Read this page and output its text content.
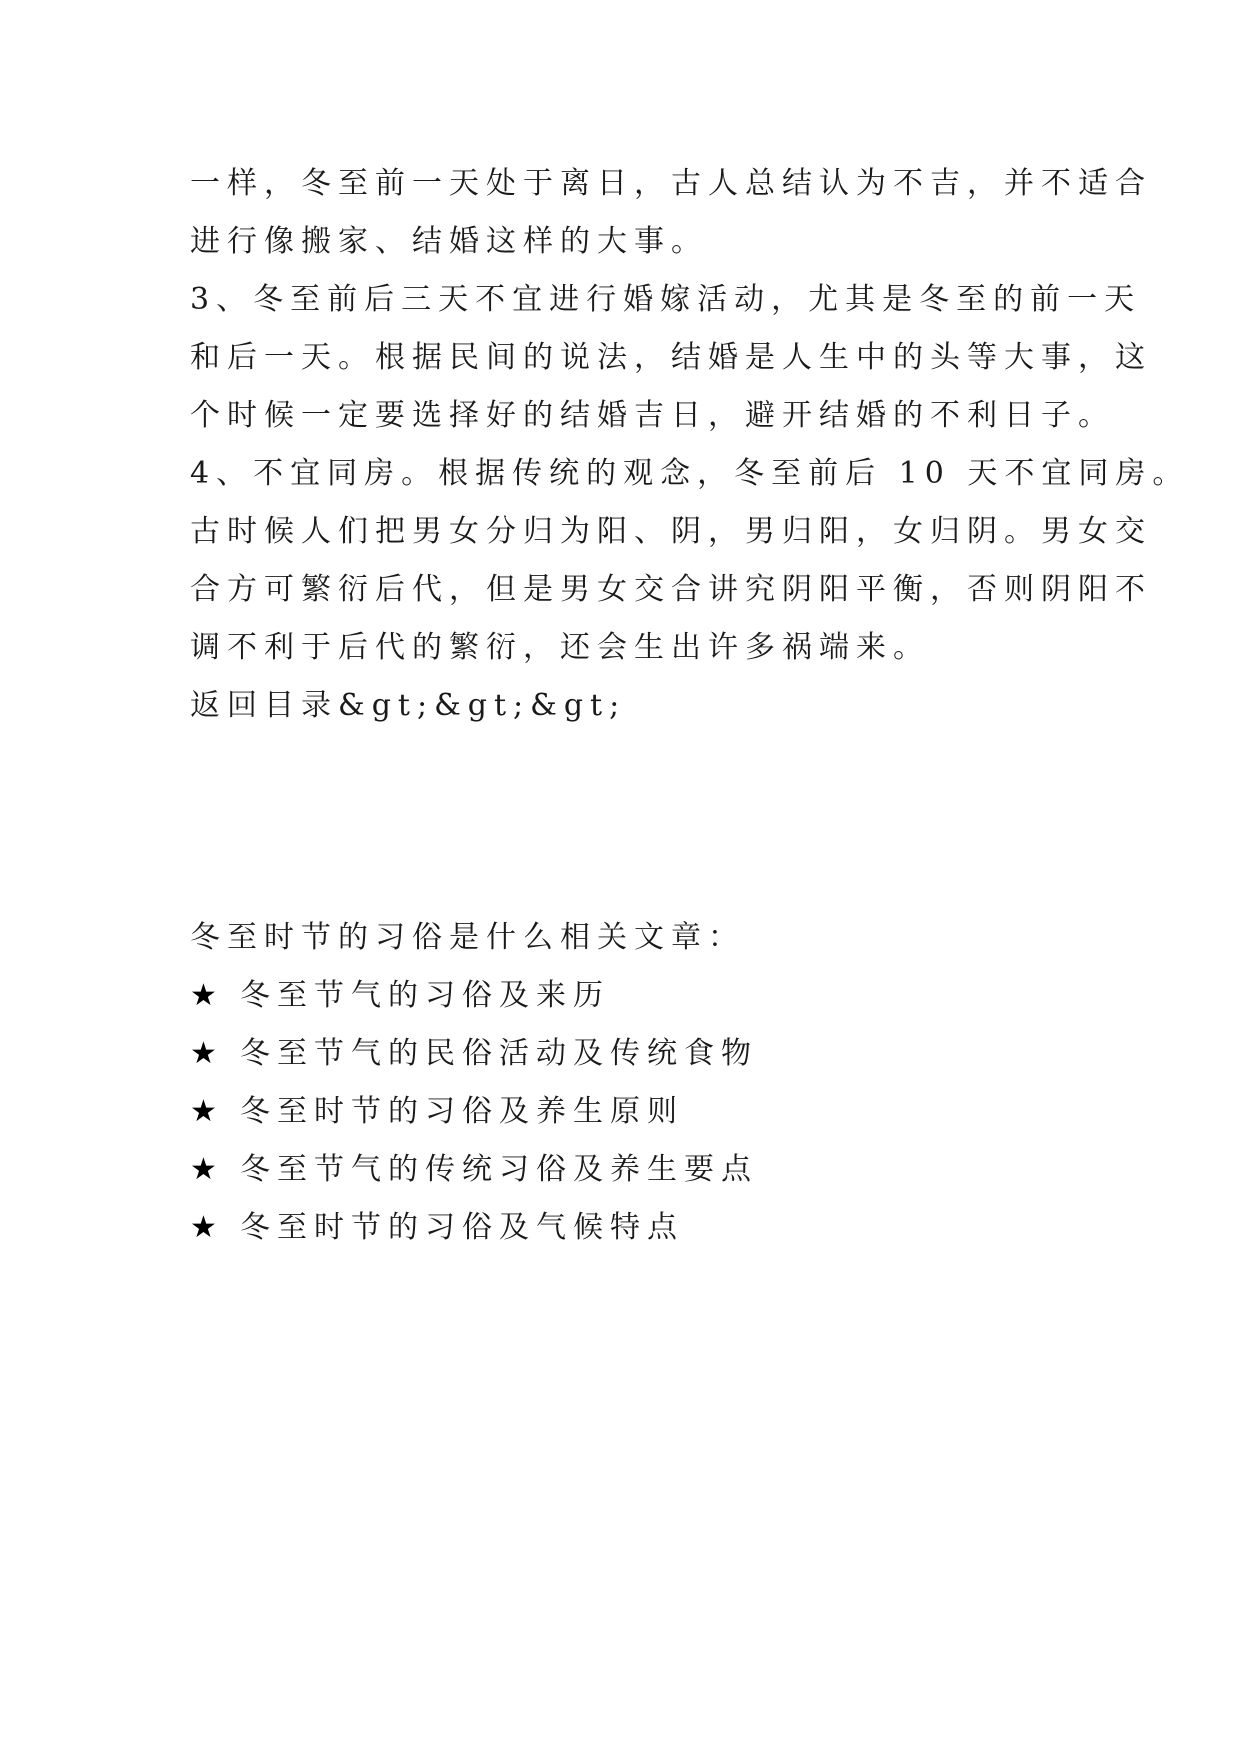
一样，冬至前一天处于离日，古人总结认为不吉，并不适合
进行像搬家、结婚这样的大事。
3、冬至前后三天不宜进行婚嫁活动，尤其是冬至的前一天
和后一天。根据民间的说法，结婚是人生中的头等大事，这
个时候一定要选择好的结婚吉日，避开结婚的不利日子。
4、不宜同房。根据传统的观念，冬至前后 10 天不宜同房。
古时候人们把男女分归为阳、阴，男归阳，女归阴。男女交
合方可繁衍后代，但是男女交合讲究阴阳平衡，否则阴阳不
调不利于后代的繁衍，还会生出许多祸端来。
返回目录&gt;&gt;&gt;
冬至时节的习俗是什么相关文章：
★ 冬至节气的习俗及来历
★ 冬至节气的民俗活动及传统食物
★ 冬至时节的习俗及养生原则
★ 冬至节气的传统习俗及养生要点
★ 冬至时节的习俗及气候特点
